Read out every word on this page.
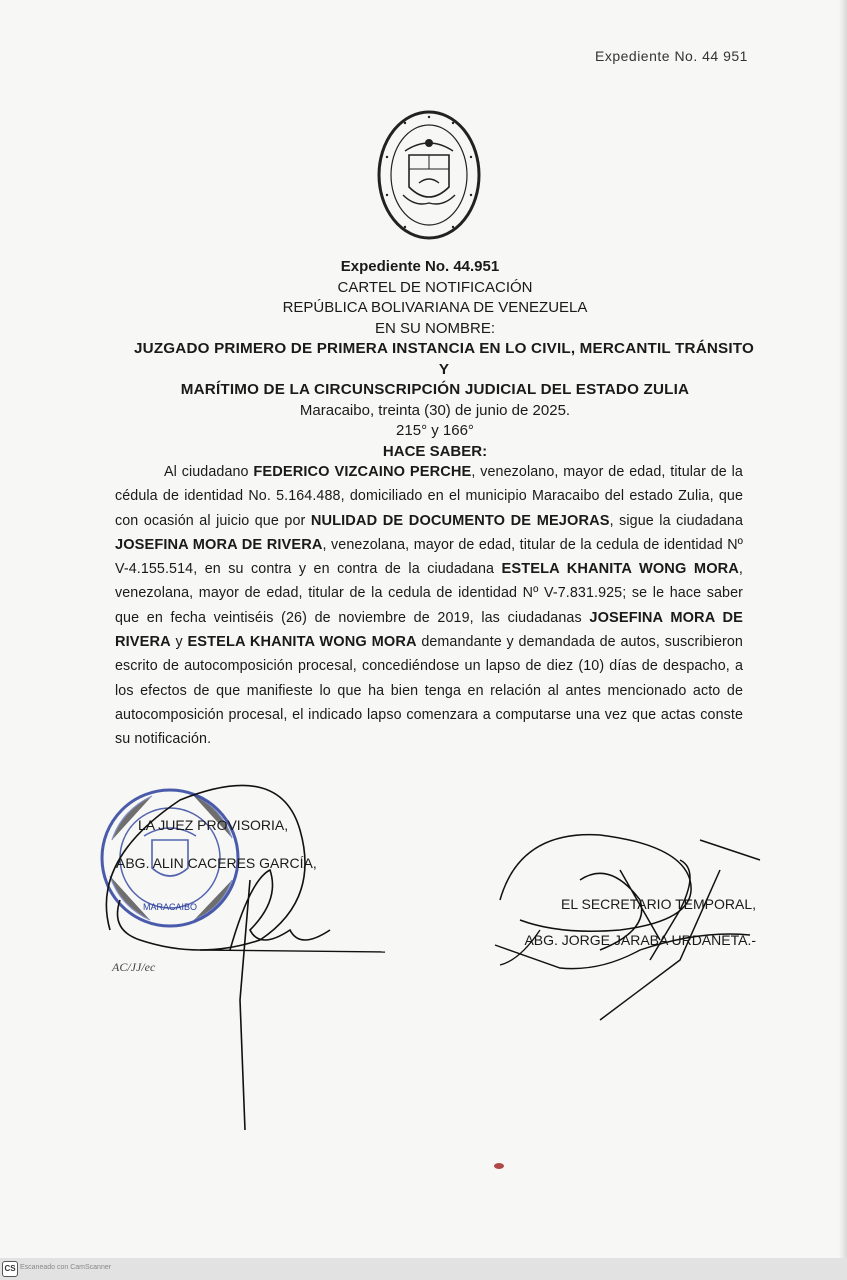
Expediente No. 44 951
Expediente No. 44.951
CARTEL DE NOTIFICACIÓN
REPÚBLICA BOLIVARIANA DE VENEZUELA
EN SU NOMBRE:
JUZGADO PRIMERO DE PRIMERA INSTANCIA EN LO CIVIL, MERCANTIL TRÁNSITO Y
MARÍTIMO DE LA CIRCUNSCRIPCIÓN JUDICIAL DEL ESTADO ZULIA
Maracaibo, treinta (30) de junio de 2025.
215° y 166°
HACE SABER:
Al ciudadano FEDERICO VIZCAINO PERCHE, venezolano, mayor de edad, titular de la cédula de identidad No. 5.164.488, domiciliado en el municipio Maracaibo del estado Zulia, que con ocasión al juicio que por NULIDAD DE DOCUMENTO DE MEJORAS, sigue la ciudadana JOSEFINA MORA DE RIVERA, venezolana, mayor de edad, titular de la cedula de identidad Nº V-4.155.514, en su contra y en contra de la ciudadana ESTELA KHANITA WONG MORA, venezolana, mayor de edad, titular de la cedula de identidad Nº V-7.831.925; se le hace saber que en fecha veintiséis (26) de noviembre de 2019, las ciudadanas JOSEFINA MORA DE RIVERA y ESTELA KHANITA WONG MORA demandante y demandada de autos, suscribieron escrito de autocomposición procesal, concediéndose un lapso de diez (10) días de despacho, a los efectos de que manifieste lo que ha bien tenga en relación al antes mencionado acto de autocomposición procesal, el indicado lapso comenzara a computarse una vez que actas conste su notificación.
MARACAIBO
LA JUEZ PROVISORIA,
ABG. ALIN CACERES GARCÍA,
AC/JJ/ec
EL SECRETARIO TEMPORAL,
ABG. JORGE JARABA URDANETA.-
CS Escaneado con CamScanner
